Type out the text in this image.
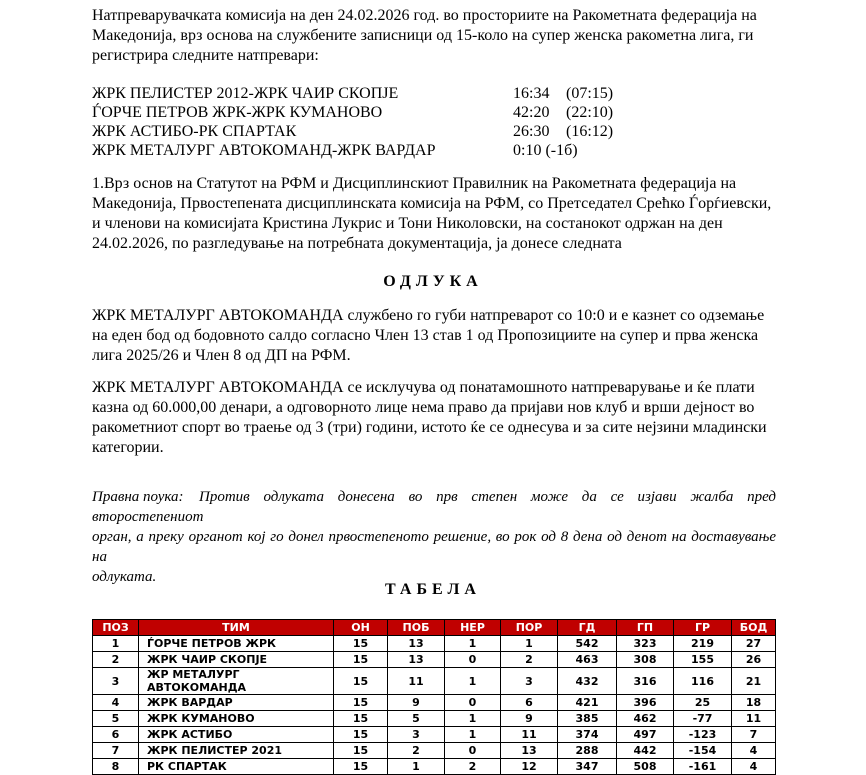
Натпреварувачката комисија на ден 24.02.2026 год. во просториите на Ракометната федерација на
Македонија, врз основа на службените записници од 15-коло на супер женска ракометна лига, ги
регистрира следните натпревари:
ЖРК ПЕЛИСТЕР 2012-ЖРК ЧАИР СКОПЈЕ	16:34 (07:15)
ЃОРЧЕ ПЕТРОВ ЖРК-ЖРК КУМАНОВО	42:20 (22:10)
ЖРК АСТИБО-РК СПАРТАК	26:30 (16:12)
ЖРК МЕТАЛУРГ АВТОКОМАНД-ЖРК ВАРДАР	0:10 (-1б)
1.Врз основ на Статутот на РФМ и Дисциплинскиот Правилник на Ракометната федерација на
Македонија, Првостепената дисциплинската комисија на РФМ, со Претседател Срећко Ѓорѓиевски,
и членови на комисијата Кристина Лукрис и Тони Николовски, на состанокот одржан на ден
24.02.2026, по разгледување на потребната документација, ја донесе следната
ОДЛУКА
ЖРК МЕТАЛУРГ АВТОКОМАНДА службено го губи натпреварот со 10:0 и е казнет со одземање
на еден бод од бодовното салдо согласно Член 13 став 1 од Пропозициите на супер и прва женска
лига 2025/26 и Член 8 од ДП на РФМ.
ЖРК МЕТАЛУРГ АВТОКОМАНДА се исклучува од понатамошното натпреварување и ќе плати
казна од 60.000,00 денари, а одговорното лице нема право да пријави нов клуб и врши дејност во
ракометниот спорт во траење од 3 (три) години, истото ќе се однесува и за сите нејзини младински
категории.
Правна поука: Против одлуката донесена во прв степен може да се изјави жалба пред второстепениот
орган, а преку органот кој го донел првостепеното решение, во рок од 8 дена од денот на доставување на
одлуката.
ТАБЕЛА
ПОЗ	ТИМ	ОН	ПОБ	НЕР	ПОР	ГД	ГП	ГР	БОД
1	ЃОРЧЕ ПЕТРОВ ЖРК	15	13	1	1	542	323	219	27
2	ЖРК ЧАИР СКОПЈЕ	15	13	0	2	463	308	155	26
3	ЖР МЕТАЛУРГ АВТОКОМАНДА	15	11	1	3	432	316	116	21
4	ЖРК ВАРДАР	15	9	0	6	421	396	25	18
5	ЖРК КУМАНОВО	15	5	1	9	385	462	-77	11
6	ЖРК АСТИБО	15	3	1	11	374	497	-123	7
7	ЖРК ПЕЛИСТЕР 2021	15	2	0	13	288	442	-154	4
8	РК СПАРТАК	15	1	2	12	347	508	-161	4
